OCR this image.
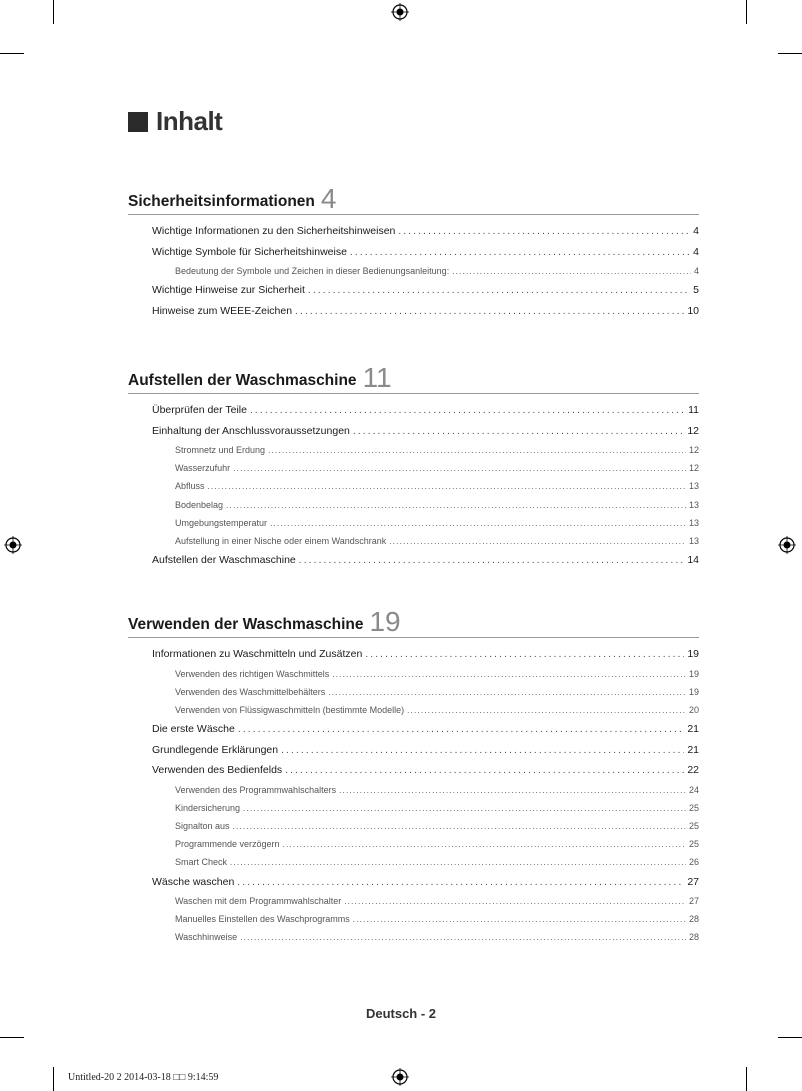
Inhalt
Sicherheitsinformationen 4
Wichtige Informationen zu den Sicherheitshinweisen . . .	4
Wichtige Symbole für Sicherheitshinweise . . .	4
Bedeutung der Symbole und Zeichen in dieser Bedienungsanleitung: . . .	4
Wichtige Hinweise zur Sicherheit . . .	5
Hinweise zum WEEE-Zeichen . . .	10
Aufstellen der Waschmaschine 11
Überprüfen der Teile . . .	11
Einhaltung der Anschlussvoraussetzungen . . .	12
Stromnetz und Erdung . . .	12
Wasserzufuhr . . .	12
Abfluss . . .	13
Bodenbelag . . .	13
Umgebungstemperatur . . .	13
Aufstellung in einer Nische oder einem Wandschrank . . .	13
Aufstellen der Waschmaschine . . .	14
Verwenden der Waschmaschine 19
Informationen zu Waschmitteln und Zusätzen . . .	19
Verwenden des richtigen Waschmittels . . .	19
Verwenden des Waschmittelbehälters . . .	19
Verwenden von Flüssigwaschmitteln (bestimmte Modelle) . . .	20
Die erste Wäsche . . .	21
Grundlegende Erklärungen . . .	21
Verwenden des Bedienfelds . . .	22
Verwenden des Programmwahlschalters . . .	24
Kindersicherung . . .	25
Signalton aus . . .	25
Programmende verzögern . . .	25
Smart Check . . .	26
Wäsche waschen . . .	27
Waschen mit dem Programmwahlschalter . . .	27
Manuelles Einstellen des Waschprogramms . . .	28
Waschhinweise . . .	28
Deutsch - 2
Untitled-20 2 2014-03-18 □□ 9:14:59
